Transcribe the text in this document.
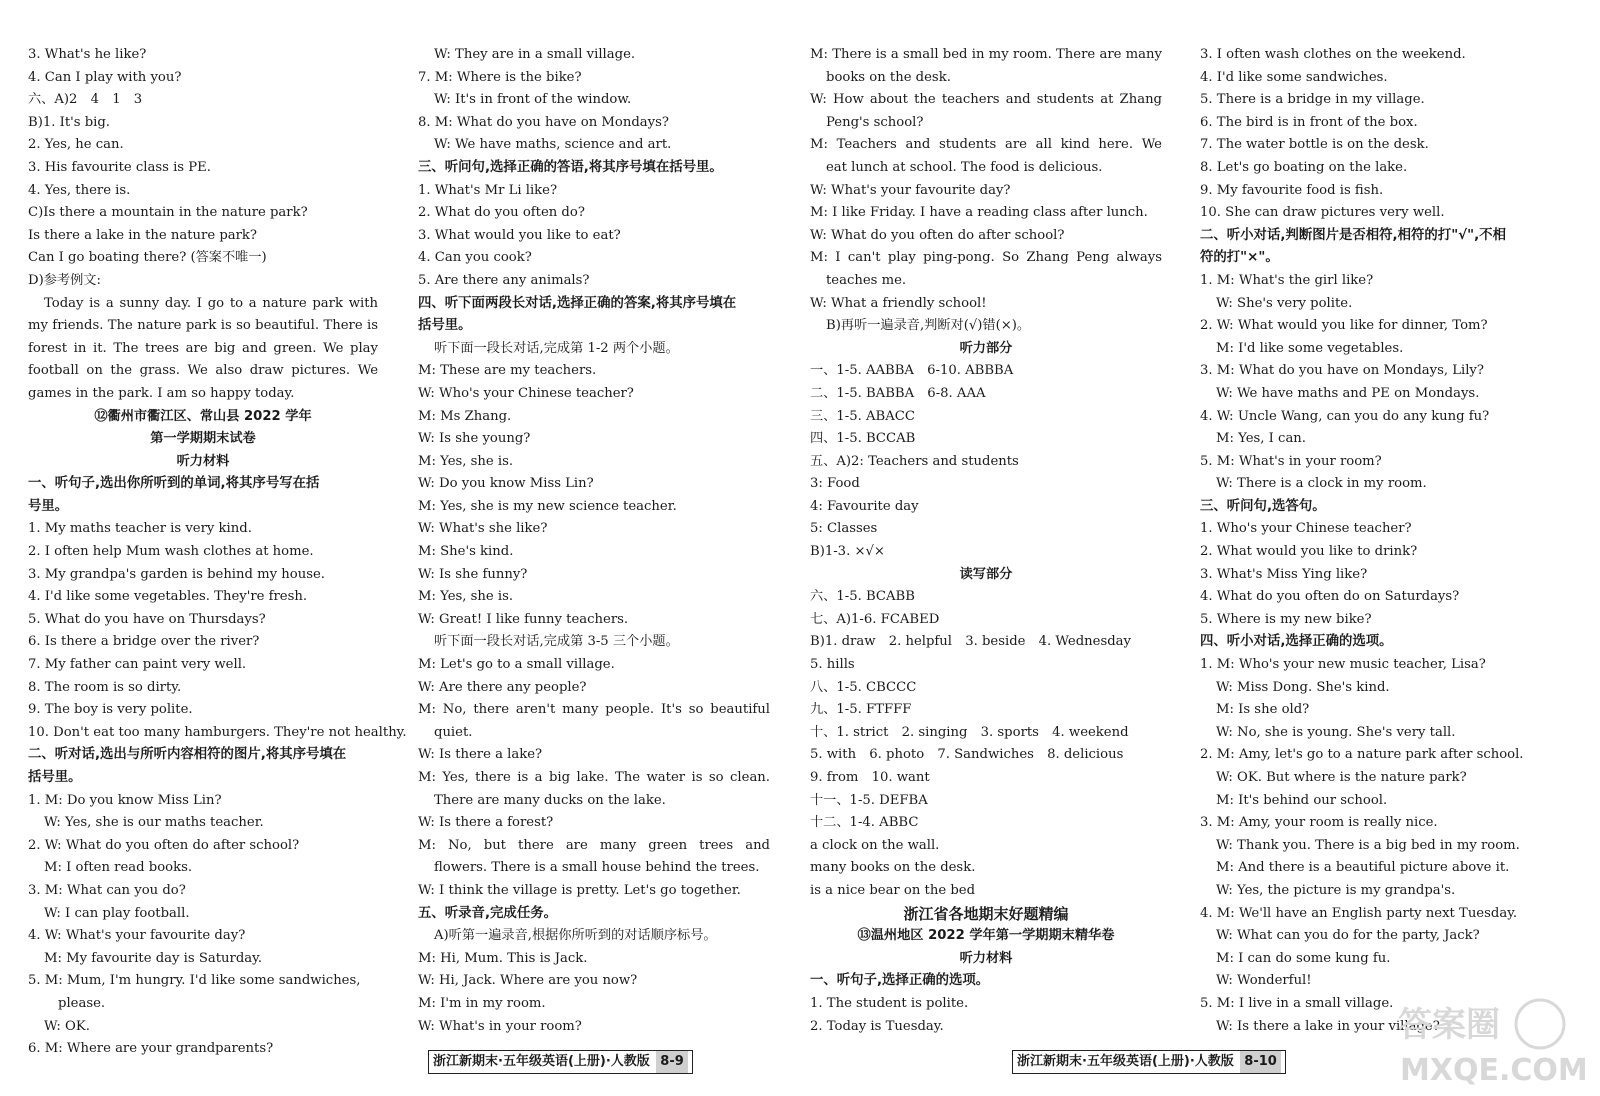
3. What's he like?
4. Can I play with you?
六、A)2　4　1　3
B)1. It's big.
2. Yes, he can.
3. His favourite class is PE.
4. Yes, there is.
C)Is there a mountain in the nature park?
Is there a lake in the nature park?
Can I go boating there? (答案不唯一)
D)参考例文:
Today is a sunny day. I go to a nature park with
my friends. The nature park is so beautiful. There is
forest in it. The trees are big and green. We play
football on the grass. We also draw pictures. We
games in the park. I am so happy today.
⑫衢州市衢江区、常山县 2022 学年
第一学期期末试卷
听力材料
一、听句子,选出你所听到的单词,将其序号写在括
号里。
1. My maths teacher is very kind.
2. I often help Mum wash clothes at home.
3. My grandpa's garden is behind my house.
4. I'd like some vegetables. They're fresh.
5. What do you have on Thursdays?
6. Is there a bridge over the river?
7. My father can paint very well.
8. The room is so dirty.
9. The boy is very polite.
10. Don't eat too many hamburgers. They're not healthy.
二、听对话,选出与所听内容相符的图片,将其序号填在
括号里。
1. M: Do you know Miss Lin?
W: Yes, she is our maths teacher.
2. W: What do you often do after school?
M: I often read books.
3. M: What can you do?
W: I can play football.
4. W: What's your favourite day?
M: My favourite day is Saturday.
5. M: Mum, I'm hungry. I'd like some sandwiches,
please.
W: OK.
6. M: Where are your grandparents?
W: They are in a small village.
7. M: Where is the bike?
W: It's in front of the window.
8. M: What do you have on Mondays?
W: We have maths, science and art.
三、听问句,选择正确的答语,将其序号填在括号里。
1. What's Mr Li like?
2. What do you often do?
3. What would you like to eat?
4. Can you cook?
5. Are there any animals?
四、听下面两段长对话,选择正确的答案,将其序号填在
括号里。
听下面一段长对话,完成第 1-2 两个小题。
M: These are my teachers.
W: Who's your Chinese teacher?
M: Ms Zhang.
W: Is she young?
M: Yes, she is.
W: Do you know Miss Lin?
M: Yes, she is my new science teacher.
W: What's she like?
M: She's kind.
W: Is she funny?
M: Yes, she is.
W: Great! I like funny teachers.
听下面一段长对话,完成第 3-5 三个小题。
M: Let's go to a small village.
W: Are there any people?
M: No, there aren't many people. It's so beautiful
quiet.
W: Is there a lake?
M: Yes, there is a big lake. The water is so clean.
There are many ducks on the lake.
W: Is there a forest?
M: No, but there are many green trees and
flowers. There is a small house behind the trees.
W: I think the village is pretty. Let's go together.
五、听录音,完成任务。
A)听第一遍录音,根据你所听到的对话顺序标号。
M: Hi, Mum. This is Jack.
W: Hi, Jack. Where are you now?
M: I'm in my room.
W: What's in your room?
M: There is a small bed in my room. There are many
books on the desk.
W: How about the teachers and students at Zhang
Peng's school?
M: Teachers and students are all kind here. We
eat lunch at school. The food is delicious.
W: What's your favourite day?
M: I like Friday. I have a reading class after lunch.
W: What do you often do after school?
M: I can't play ping-pong. So Zhang Peng always
teaches me.
W: What a friendly school!
B)再听一遍录音,判断对(√)错(×)。
听力部分
一、1-5. AABBA　6-10. ABBBA
二、1-5. BABBA　6-8. AAA
三、1-5. ABACC
四、1-5. BCCAB
五、A)2: Teachers and students
3: Food
4: Favourite day
5: Classes
B)1-3. ×√×
读写部分
六、1-5. BCABB
七、A)1-6. FCABED
B)1. draw　2. helpful　3. beside　4. Wednesday
5. hills
八、1-5. CBCCC
九、1-5. FTFFF
十、1. strict　2. singing　3. sports　4. weekend
5. with　6. photo　7. Sandwiches　8. delicious
9. from　10. want
十一、1-5. DEFBA
十二、1-4. ABBC
a clock on the wall.
many books on the desk.
is a nice bear on the bed
浙江省各地期末好题精编
⑬温州地区 2022 学年第一学期期末精华卷
听力材料
一、听句子,选择正确的选项。
1. The student is polite.
2. Today is Tuesday.
3. I often wash clothes on the weekend.
4. I'd like some sandwiches.
5. There is a bridge in my village.
6. The bird is in front of the box.
7. The water bottle is on the desk.
8. Let's go boating on the lake.
9. My favourite food is fish.
10. She can draw pictures very well.
二、听小对话,判断图片是否相符,相符的打"√",不相
符的打"×"。
1. M: What's the girl like?
W: She's very polite.
2. W: What would you like for dinner, Tom?
M: I'd like some vegetables.
3. M: What do you have on Mondays, Lily?
W: We have maths and PE on Mondays.
4. W: Uncle Wang, can you do any kung fu?
M: Yes, I can.
5. M: What's in your room?
W: There is a clock in my room.
三、听问句,选答句。
1. Who's your Chinese teacher?
2. What would you like to drink?
3. What's Miss Ying like?
4. What do you often do on Saturdays?
5. Where is my new bike?
四、听小对话,选择正确的选项。
1. M: Who's your new music teacher, Lisa?
W: Miss Dong. She's kind.
M: Is she old?
W: No, she is young. She's very tall.
2. M: Amy, let's go to a nature park after school.
W: OK. But where is the nature park?
M: It's behind our school.
3. M: Amy, your room is really nice.
W: Thank you. There is a big bed in my room.
M: And there is a beautiful picture above it.
W: Yes, the picture is my grandpa's.
4. M: We'll have an English party next Tuesday.
W: What can you do for the party, Jack?
M: I can do some kung fu.
W: Wonderful!
5. M: I live in a small village.
W: Is there a lake in your village?
浙江新期末·五年级英语(上册)·人教版 8-9	浙江新期末·五年级英语(上册)·人教版 8-10
答案圈
MXQE.COM
